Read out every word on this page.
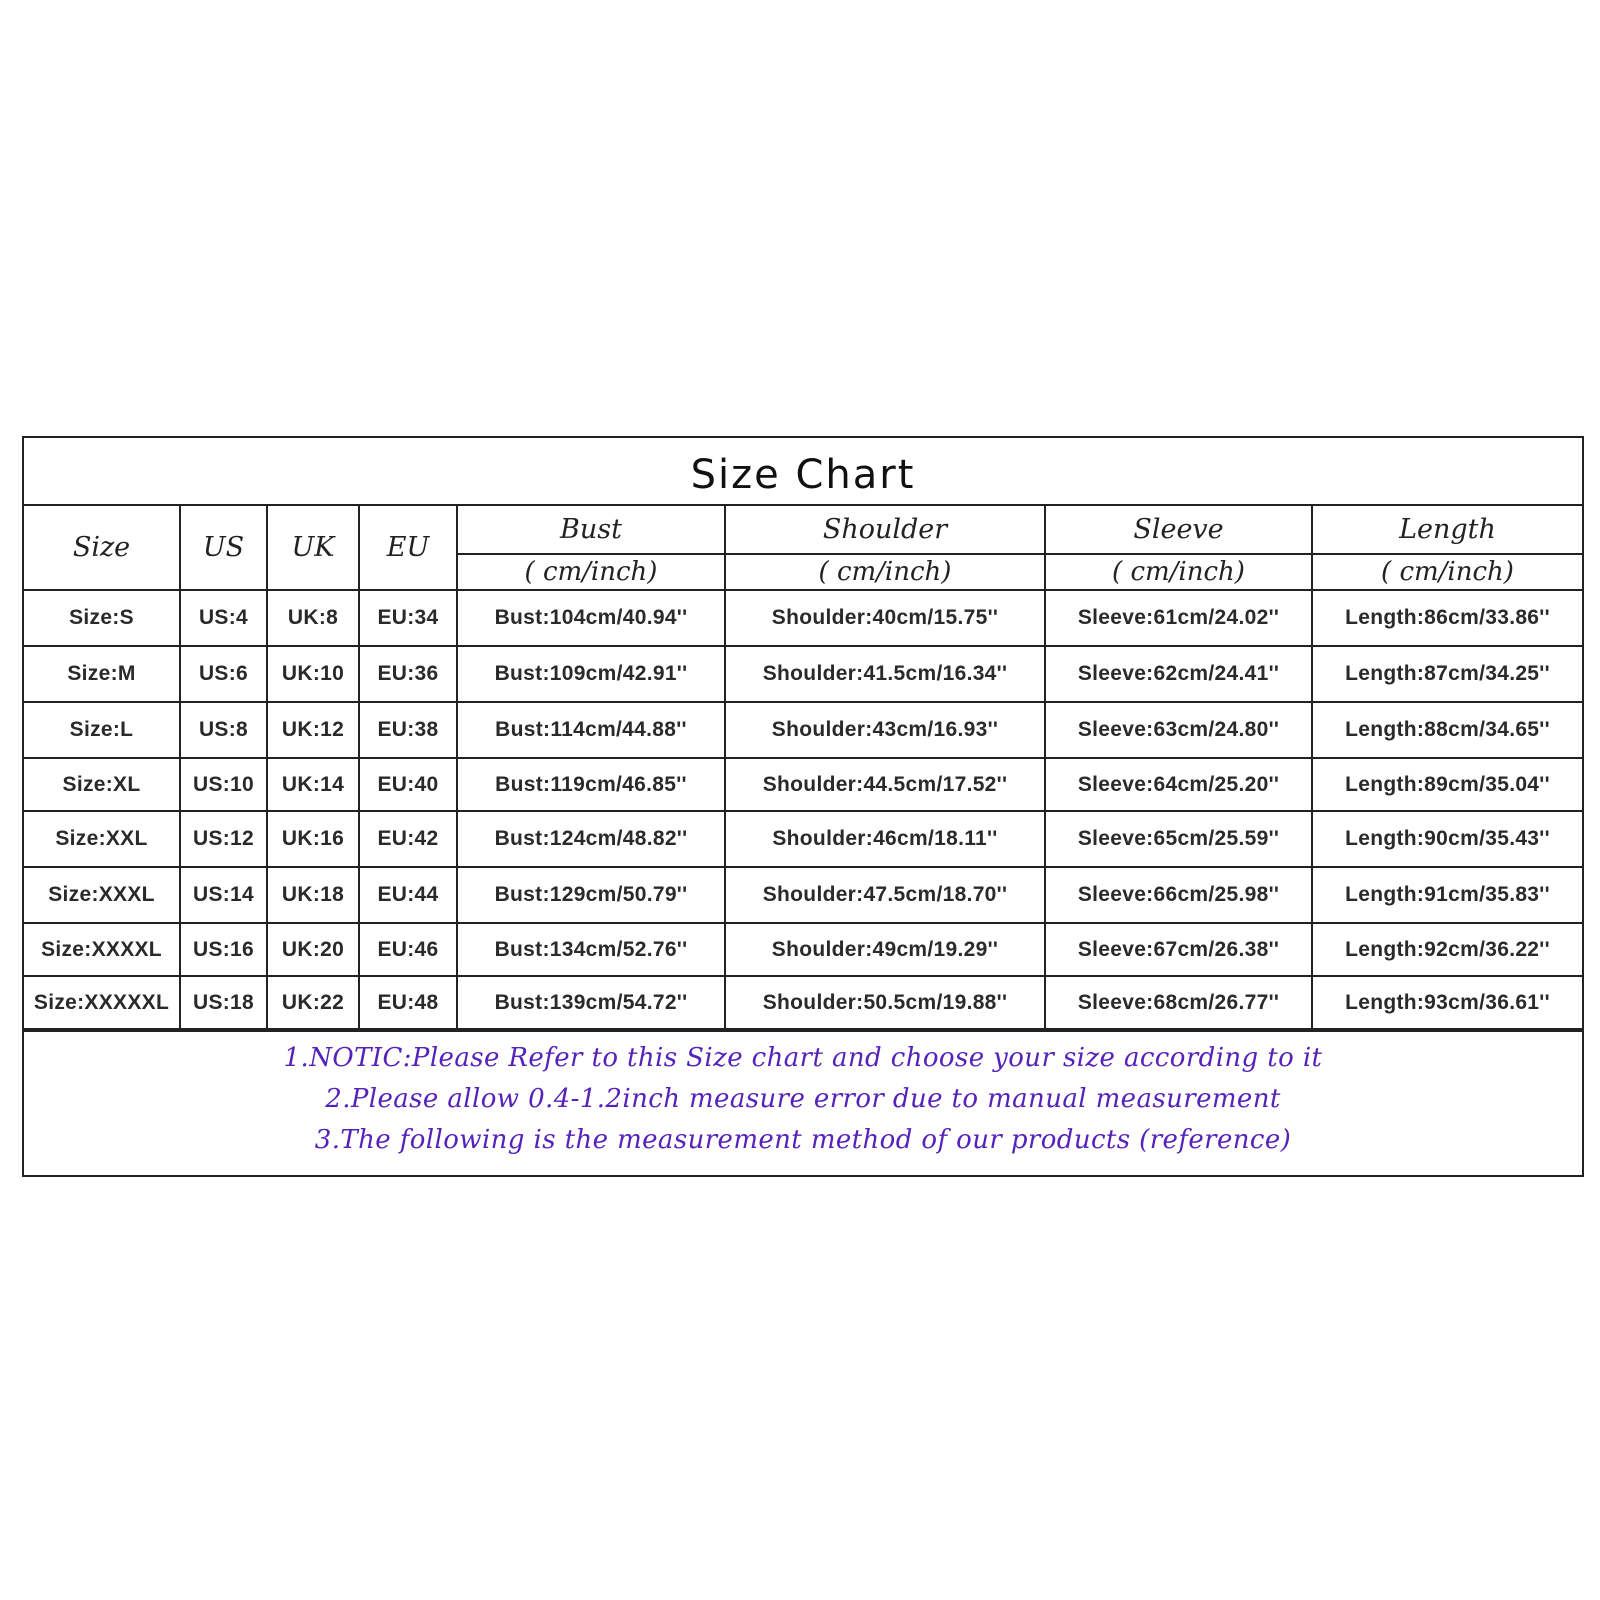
Size Chart
Size	US	UK	EU	Bust	Shoulder	Sleeve	Length
				( cm/inch)	( cm/inch)	( cm/inch)	( cm/inch)
Size:S	US:4	UK:8	EU:34	Bust:104cm/40.94''	Shoulder:40cm/15.75''	Sleeve:61cm/24.02''	Length:86cm/33.86''
Size:M	US:6	UK:10	EU:36	Bust:109cm/42.91''	Shoulder:41.5cm/16.34''	Sleeve:62cm/24.41''	Length:87cm/34.25''
Size:L	US:8	UK:12	EU:38	Bust:114cm/44.88''	Shoulder:43cm/16.93''	Sleeve:63cm/24.80''	Length:88cm/34.65''
Size:XL	US:10	UK:14	EU:40	Bust:119cm/46.85''	Shoulder:44.5cm/17.52''	Sleeve:64cm/25.20''	Length:89cm/35.04''
Size:XXL	US:12	UK:16	EU:42	Bust:124cm/48.82''	Shoulder:46cm/18.11''	Sleeve:65cm/25.59''	Length:90cm/35.43''
Size:XXXL	US:14	UK:18	EU:44	Bust:129cm/50.79''	Shoulder:47.5cm/18.70''	Sleeve:66cm/25.98''	Length:91cm/35.83''
Size:XXXXL	US:16	UK:20	EU:46	Bust:134cm/52.76''	Shoulder:49cm/19.29''	Sleeve:67cm/26.38''	Length:92cm/36.22''
Size:XXXXXL	US:18	UK:22	EU:48	Bust:139cm/54.72''	Shoulder:50.5cm/19.88''	Sleeve:68cm/26.77''	Length:93cm/36.61''
1.NOTIC:Please Refer to this Size chart and choose your size according to it
2.Please allow 0.4-1.2inch measure error due to manual measurement
3.The following is the measurement method of our products (reference)
